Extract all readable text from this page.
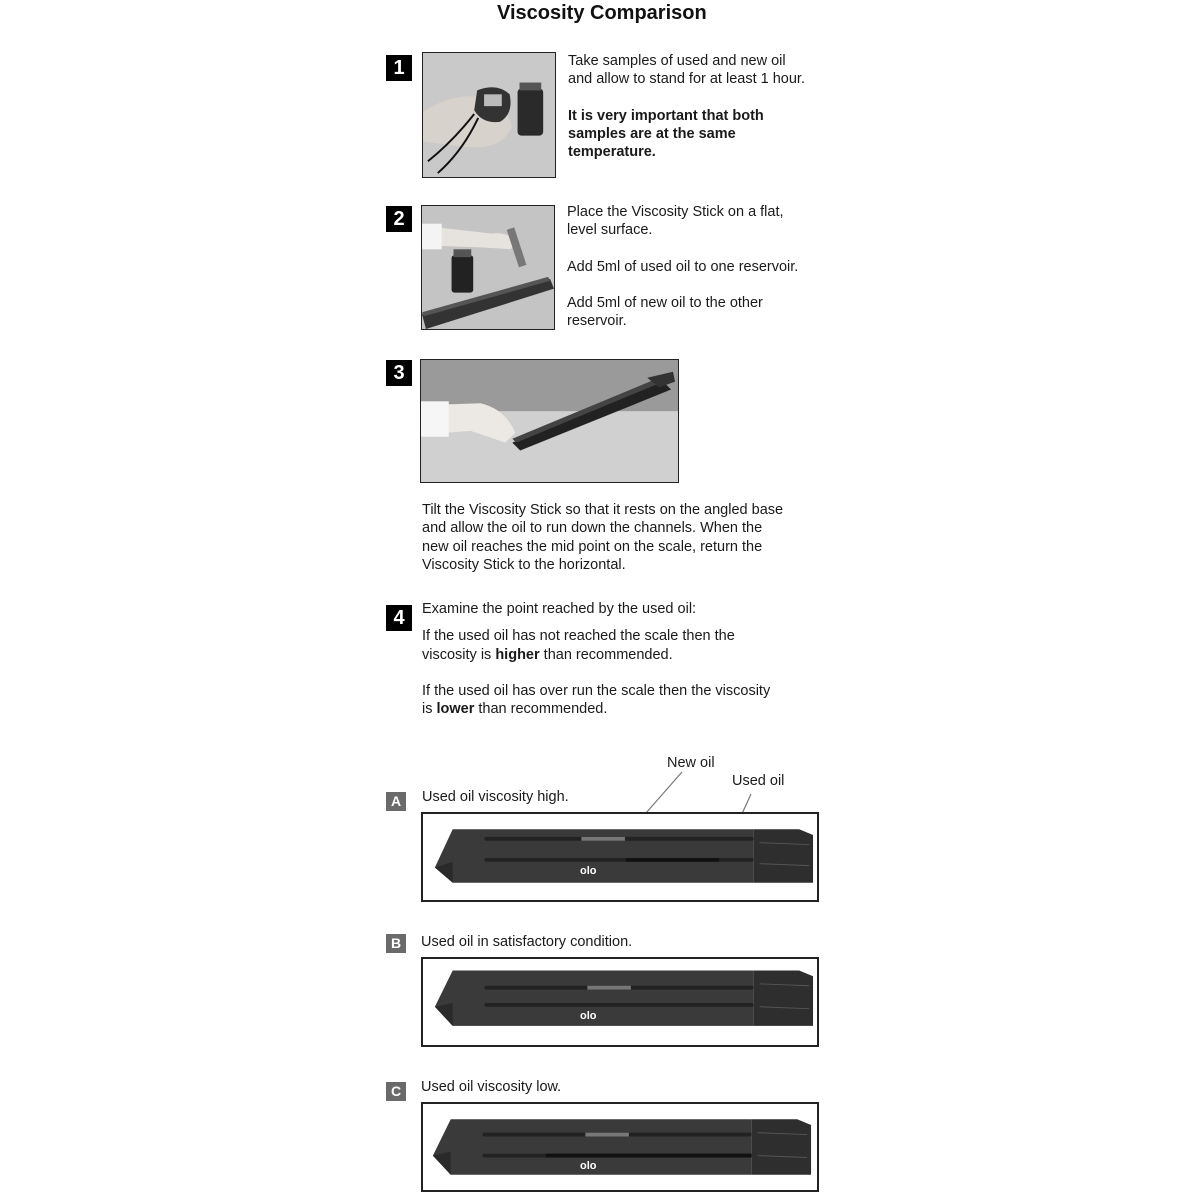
Viscosity Comparison
1	Take samples of used and new oil

and allow to stand for at least 1 hour.

It is very important that both

samples are at the same

temperature.

2	Place the Viscosity Stick on a flat,

level surface.

Add 5ml of used oil to one reservoir.

Add 5ml of new oil to the other

reservoir.

3

Tilt the Viscosity Stick so that it rests on the angled base

and allow the oil to run down the channels. When the

new oil reaches the mid point on the scale, return the

Viscosity Stick to the horizontal.

4	Examine the point reached by the used oil:

If the used oil has not reached the scale then the

viscosity is higher than recommended.

If the used oil has over run the scale then the viscosity

is lower than recommended.

New oil
Used oil
A	Used oil viscosity high.
olo
B	Used oil in satisfactory condition.
olo
C	Used oil viscosity low.
olo
